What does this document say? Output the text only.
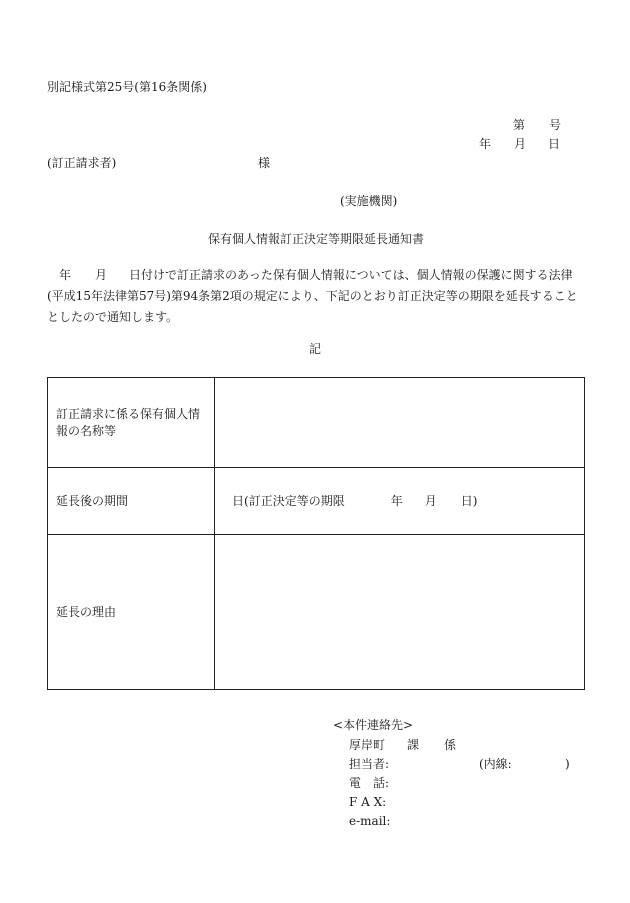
別記様式第25号(第16条関係)
第 号
年 月 日
(訂正請求者)	様
(実施機関)
保有個人情報訂正決定等期限延長通知書
年 月 日付けで訂正請求のあった保有個人情報については、個人情報の保護に関する法律(平成15年法律第57号)第94条第2項の規定により、下記のとおり訂正決定等の期限を延長することとしたので通知します。
記
訂正請求に係る保有個人情報の名称等	
延長後の期間	日(訂正決定等の期限 年 月 日)
延長の理由	
<本件連絡先>
厚岸町 課 係
担当者:	(内線:	)
電　話:
F A X:
e-mail:
